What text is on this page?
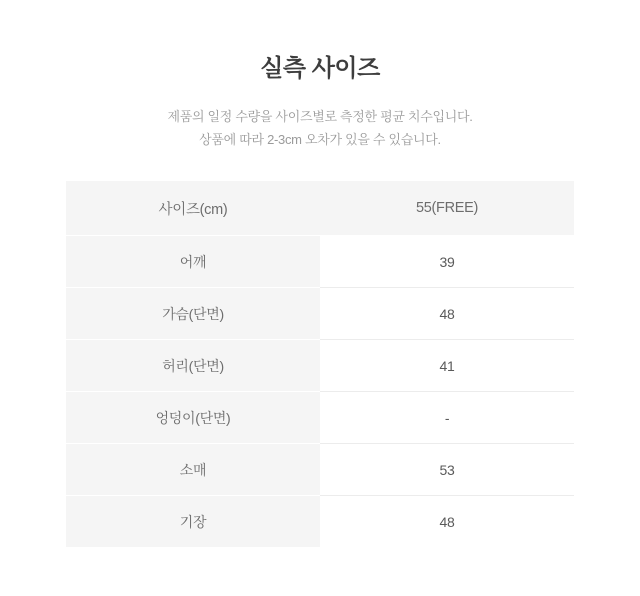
실측 사이즈
제품의 일정 수량을 사이즈별로 측정한 평균 치수입니다.
상품에 따라 2-3cm 오차가 있을 수 있습니다.
사이즈(cm)	55(FREE)
어깨	39
가슴(단면)	48
허리(단면)	41
엉덩이(단면)	-
소매	53
기장	48
